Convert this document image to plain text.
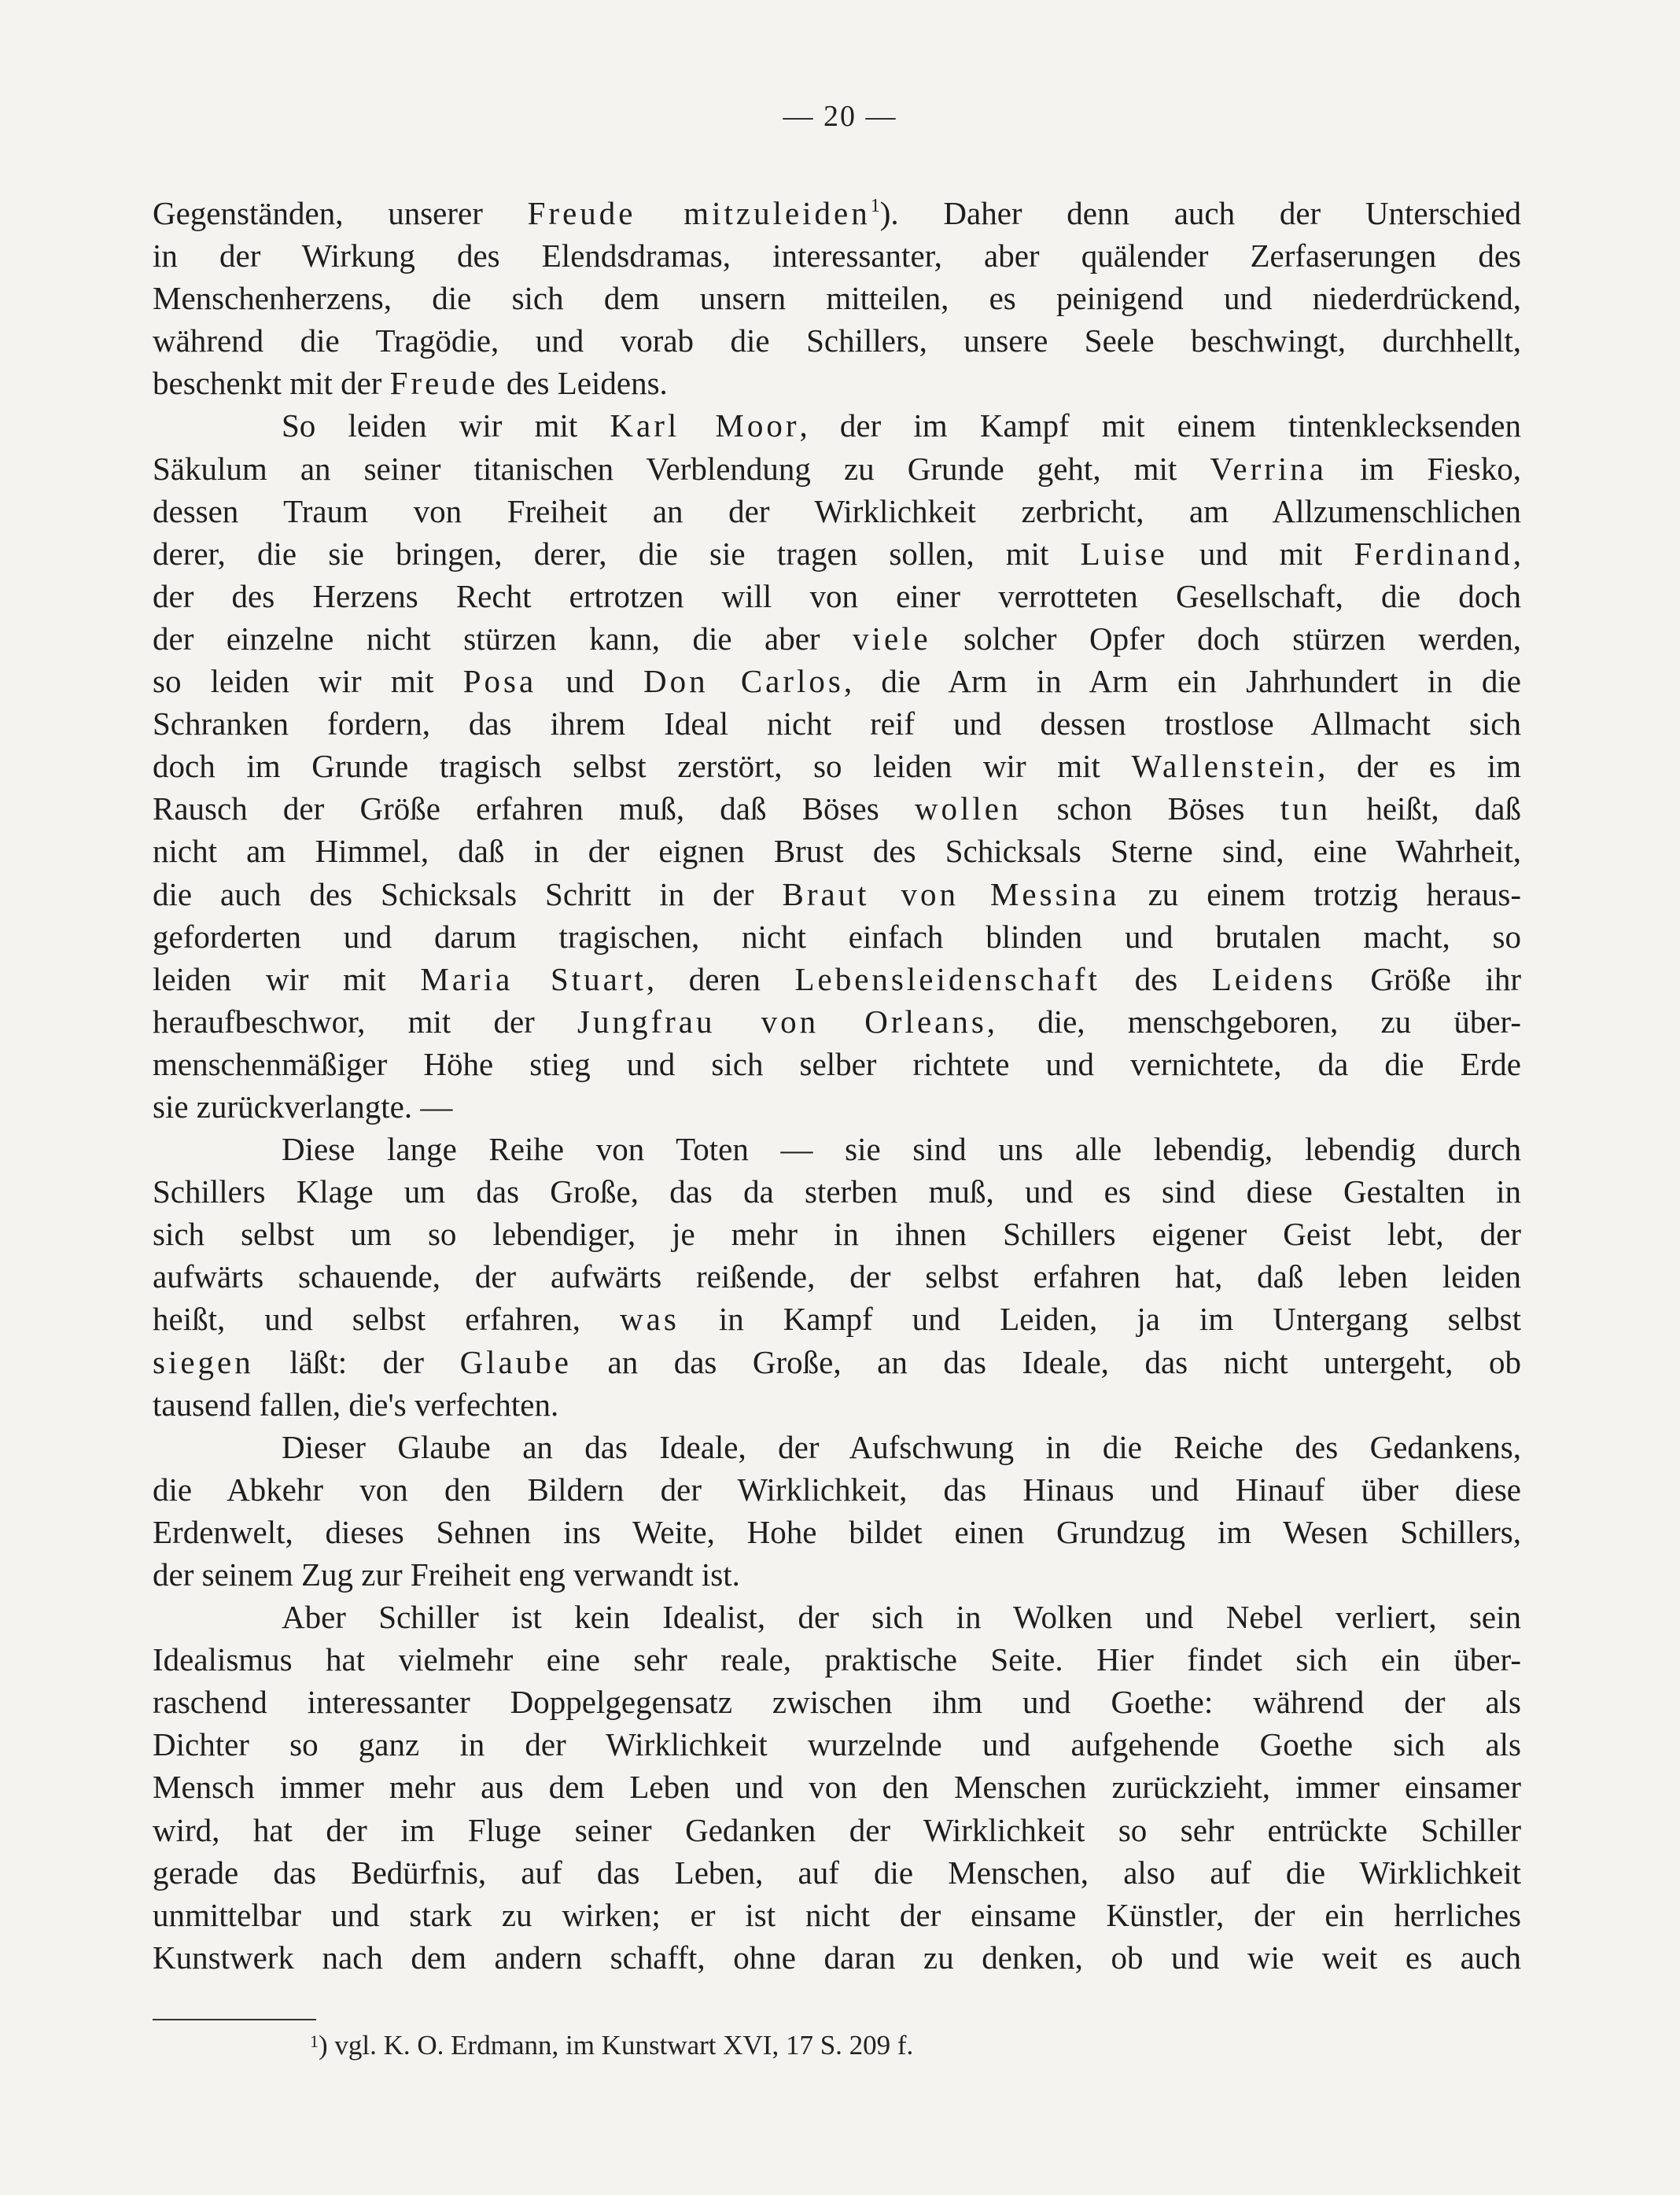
— 20 —
Gegenständen, unserer Freude mitzuleiden$^1$). Daher denn auch der Unterschied
in der Wirkung des Elendsdramas, interessanter, aber quälender Zerfaserungen des
Menschenherzens, die sich dem unsern mitteilen, es peinigend und niederdrückend,
während die Tragödie, und vorab die Schillers, unsere Seele beschwingt, durchhellt,
beschenkt mit der Freude des Leidens.
So leiden wir mit Karl Moor, der im Kampf mit einem tintenklecksenden
Säkulum an seiner titanischen Verblendung zu Grunde geht, mit Verrina im Fiesko,
dessen Traum von Freiheit an der Wirklichkeit zerbricht, am Allzumenschlichen
derer, die sie bringen, derer, die sie tragen sollen, mit Luise und mit Ferdinand,
der des Herzens Recht ertrotzen will von einer verrotteten Gesellschaft, die doch
der einzelne nicht stürzen kann, die aber viele solcher Opfer doch stürzen werden,
so leiden wir mit Posa und Don Carlos, die Arm in Arm ein Jahrhundert in die
Schranken fordern, das ihrem Ideal nicht reif und dessen trostlose Allmacht sich
doch im Grunde tragisch selbst zerstört, so leiden wir mit Wallenstein, der es im
Rausch der Größe erfahren muß, daß Böses wollen schon Böses tun heißt, daß
nicht am Himmel, daß in der eignen Brust des Schicksals Sterne sind, eine Wahrheit,
die auch des Schicksals Schritt in der Braut von Messina zu einem trotzig heraus-
geforderten und darum tragischen, nicht einfach blinden und brutalen macht, so
leiden wir mit Maria Stuart, deren Lebensleidenschaft des Leidens Größe ihr
heraufbeschwor, mit der Jungfrau von Orleans, die, menschgeboren, zu über-
menschenmäßiger Höhe stieg und sich selber richtete und vernichtete, da die Erde
sie zurückverlangte. —
Diese lange Reihe von Toten — sie sind uns alle lebendig, lebendig durch
Schillers Klage um das Große, das da sterben muß, und es sind diese Gestalten in
sich selbst um so lebendiger, je mehr in ihnen Schillers eigener Geist lebt, der
aufwärts schauende, der aufwärts reißende, der selbst erfahren hat, daß leben leiden
heißt, und selbst erfahren, was in Kampf und Leiden, ja im Untergang selbst
siegen läßt: der Glaube an das Große, an das Ideale, das nicht untergeht, ob
tausend fallen, die's verfechten.
Dieser Glaube an das Ideale, der Aufschwung in die Reiche des Gedankens,
die Abkehr von den Bildern der Wirklichkeit, das Hinaus und Hinauf über diese
Erdenwelt, dieses Sehnen ins Weite, Hohe bildet einen Grundzug im Wesen Schillers,
der seinem Zug zur Freiheit eng verwandt ist.
Aber Schiller ist kein Idealist, der sich in Wolken und Nebel verliert, sein
Idealismus hat vielmehr eine sehr reale, praktische Seite. Hier findet sich ein über-
raschend interessanter Doppelgegensatz zwischen ihm und Goethe: während der als
Dichter so ganz in der Wirklichkeit wurzelnde und aufgehende Goethe sich als
Mensch immer mehr aus dem Leben und von den Menschen zurückzieht, immer einsamer
wird, hat der im Fluge seiner Gedanken der Wirklichkeit so sehr entrückte Schiller
gerade das Bedürfnis, auf das Leben, auf die Menschen, also auf die Wirklichkeit
unmittelbar und stark zu wirken; er ist nicht der einsame Künstler, der ein herrliches
Kunstwerk nach dem andern schafft, ohne daran zu denken, ob und wie weit es auch
$^1$) vgl. K. O. Erdmann, im Kunstwart XVI, 17 S. 209 f.
